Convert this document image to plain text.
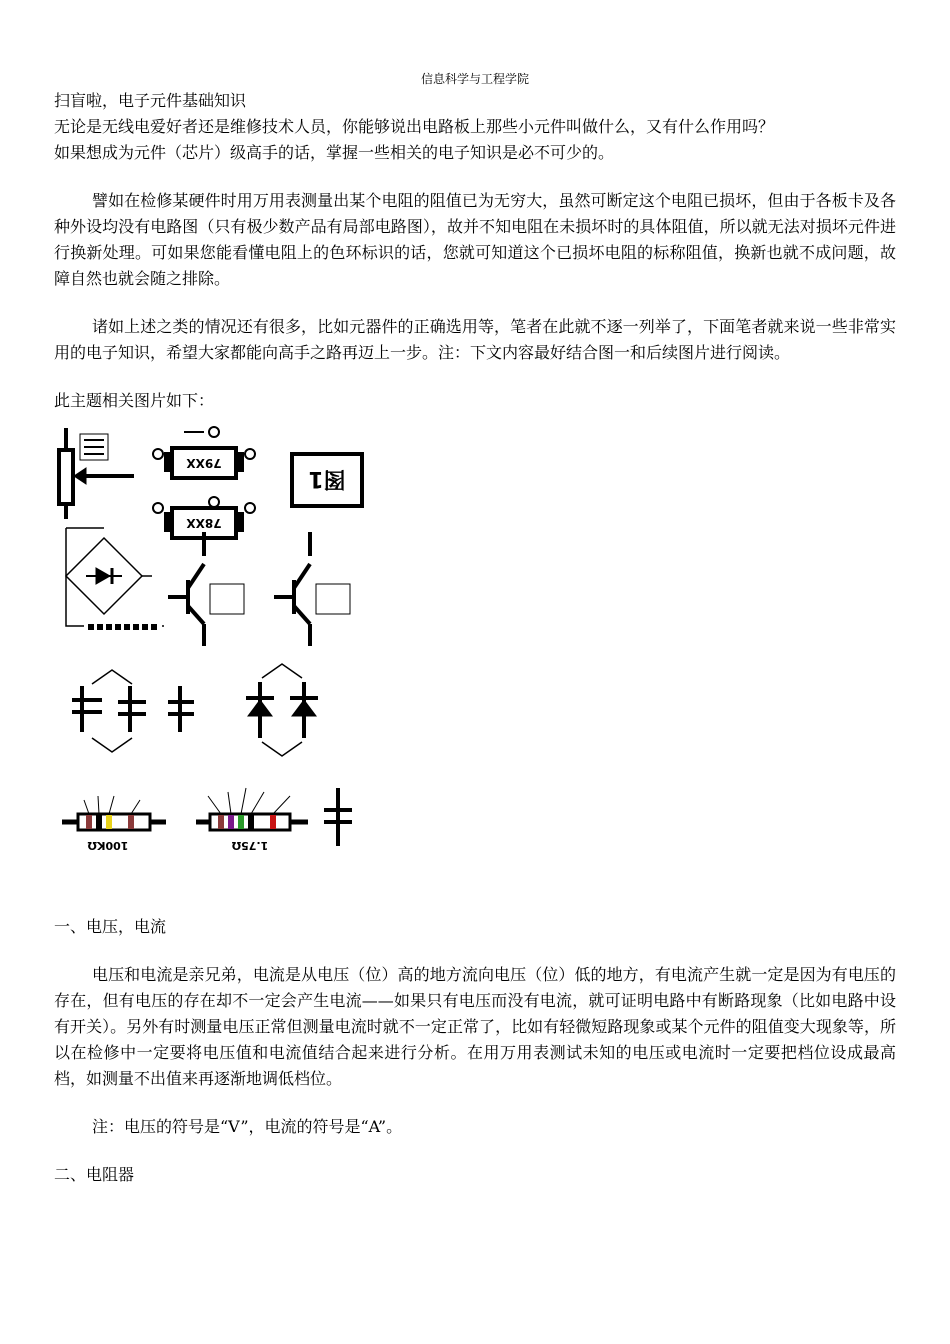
信息科学与工程学院

扫盲啦，电子元件基础知识

无论是无线电爱好者还是维修技术人员，你能够说出电路板上那些小元件叫做什么，又有什么作用吗？

如果想成为元件（芯片）级高手的话，掌握一些相关的电子知识是必不可少的。

譬如在检修某硬件时用万用表测量出某个电阻的阻值已为无穷大，虽然可断定这个电阻已损坏，但由于各板卡及各种外设均没有电路图（只有极少数产品有局部电路图），故并不知电阻在未损坏时的具体阻值，所以就无法对损坏元件进行换新处理。可如果您能看懂电阻上的色环标识的话，您就可知道这个已损坏电阻的标称阻值，换新也就不成问题，故障自然也就会随之排除。

诸如上述之类的情况还有很多，比如元器件的正确选用等，笔者在此就不逐一列举了，下面笔者就来说一些非常实用的电子知识，希望大家都能向高手之路再迈上一步。注：下文内容最好结合图一和后续图片进行阅读。

此主题相关图片如下：

79XX
78XX
图1
100KΩ	1.75Ω

一、电压，电流

电压和电流是亲兄弟，电流是从电压（位）高的地方流向电压（位）低的地方，有电流产生就一定是因为有电压的存在，但有电压的存在却不一定会产生电流——如果只有电压而没有电流，就可证明电路中有断路现象（比如电路中设有开关）。另外有时测量电压正常但测量电流时就不一定正常了，比如有轻微短路现象或某个元件的阻值变大现象等，所以在检修中一定要将电压值和电流值结合起来进行分析。在用万用表测试未知的电压或电流时一定要把档位设成最高档，如测量不出值来再逐渐地调低档位。

注：电压的符号是“V”，电流的符号是“A”。

二、电阻器
